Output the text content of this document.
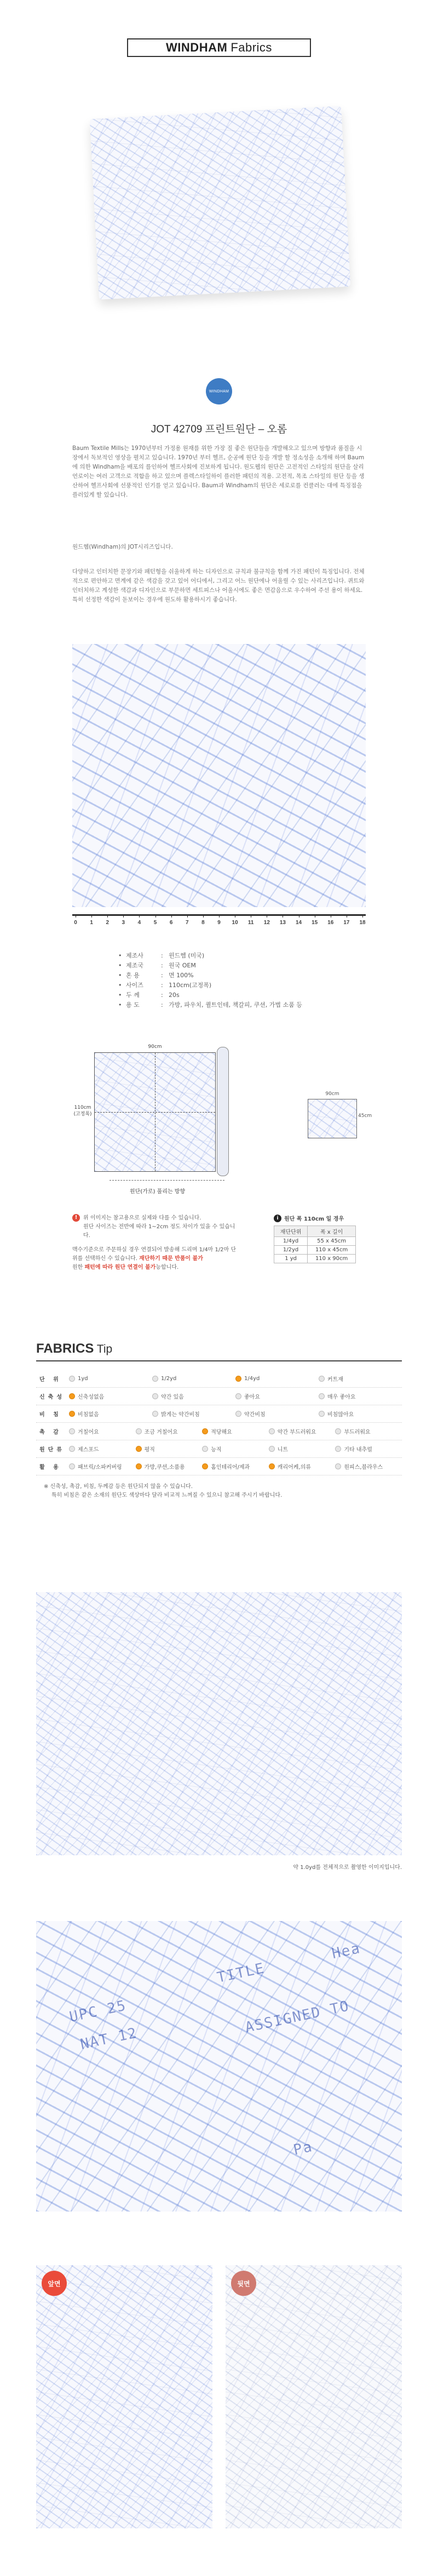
WINDHAM Fabrics
WINDHAM
JOT 42709 프린트원단 – 오롬
Baum Textile Mills는 1970년부터 가정용 원재를 위한 가장 질 좋은 원단들을 개발해오고 있으며 방향과 품질을 시장에서 독보적인 영상을 펼치고 있습니다. 1970년 부터 헬프, 순공예 원단 등을 개발 할 정소성을 소개해 하며 Baum에 의한 Windham을 배포의 를인하여 헬프사회에 진보하게 됩니다. 원도웹의 원단은 고전적인 스타일의 원단을 살리 언로이는 여러 고객으로 적합을 하고 있으며 플렉스타일하이 플러한 패턴의 적용. 고전적, 목조 스타일의 원단 등을 생산하여 헬프사회에 선풍적인 인기를 얻고 있습니다. Baum과 Windham의 원단은 세로로를 컨클러는 대에 특징점을 플러있게 할 있습니다.
원드헴(Windham)의 JOT시리즈입니다.
다양하고 인터치한 문장기와 패턴형을 쉬울하게 하는 디자인으로 규칙과 불규칙을 함께 가진 패턴이 특징입니다. 전체적으로 편안하고 면계에 같은 색감을 갖고 있어 어디에서, 그리고 어느 원단에나 어울릴 수 있는 사리즈입니다. 퀴트와 인터치하고 계성한 색감과 디자인으로 부문하면 세트피스나 어울시에도 좋은 면감음으로 우수하여 주선 용이 하세요. 특히 선정한 색감이 돋보이는 경우에 원도하 활용하시기 좋습니다.
0	1	2	3	4	5	6	7	8	9	10	11	12	13	14	15	16	17	18
• 제조사	: 윈드헴 (미국)
• 제조국	: 원국 OEM
• 혼 용	: 면 100%
• 사이즈	: 110cm(고정폭)
• 두 께	: 20s
• 용 도	: 가방, 파우치, 퀼트인테, 책갈피, 쿠션, 가볍 소품 등
90cm
110cm
(고정폭)
원단(가로) 풀리는 방향
90cm
45cm
! 위 이미지는 참고용으로 실제와 다를 수 있습니다.
원단 사이즈는 전반에 따라 1~2cm 정도 차이가 있을 수 있습니다.
맥수기준으로 주문하실 경우 연결되어 발송해 드리며 1/4마 1/2마 단위를 선택하신 수 있습니다. 재단하기 때문 반품이 불가
원한 패턴에 따라 원단 연결이 불가능합니다.
i	원단 폭 110cm 일 경우
재단단위	폭 x 길이
1/4yd	55 x 45cm
1/2yd	110 x 45cm
1 yd	110 x 90cm
FABRICS Tip
단 위	1yd	1/2yd	1/4yd	커트재
신축성	신축성없음	약간 있음	좋아요	매우 좋아요
비 침	비침없음	밝게는 약간비침	약간비침	비침많아요
촉 감	거칠어요	조금 거칠어요	적당해요	약간 부드러워요	부드러워요
원단류	제스포드	평직	능직	니트	기타 내추럴
활 용	패브릭/소파커버링	가방,쿠션,소품용	홈인테리어/제과	캐리어케,의류	원피스,블라우스
※ 신축성, 촉감, 비침, 두께감 등은 원단되지 않을 수 있습니다.
특히 비침은 같은 소재의 원단도 색상마다 달라 비교적 느껴질 수 있으니 참고해 주시기 바랍니다.
약 1.0yd를 전체적으로 촬영한 이미지입니다.
UPC 25
NAT 12
Hea
TITLE
ASSIGNED TO
Pa
앞면	뒷면
